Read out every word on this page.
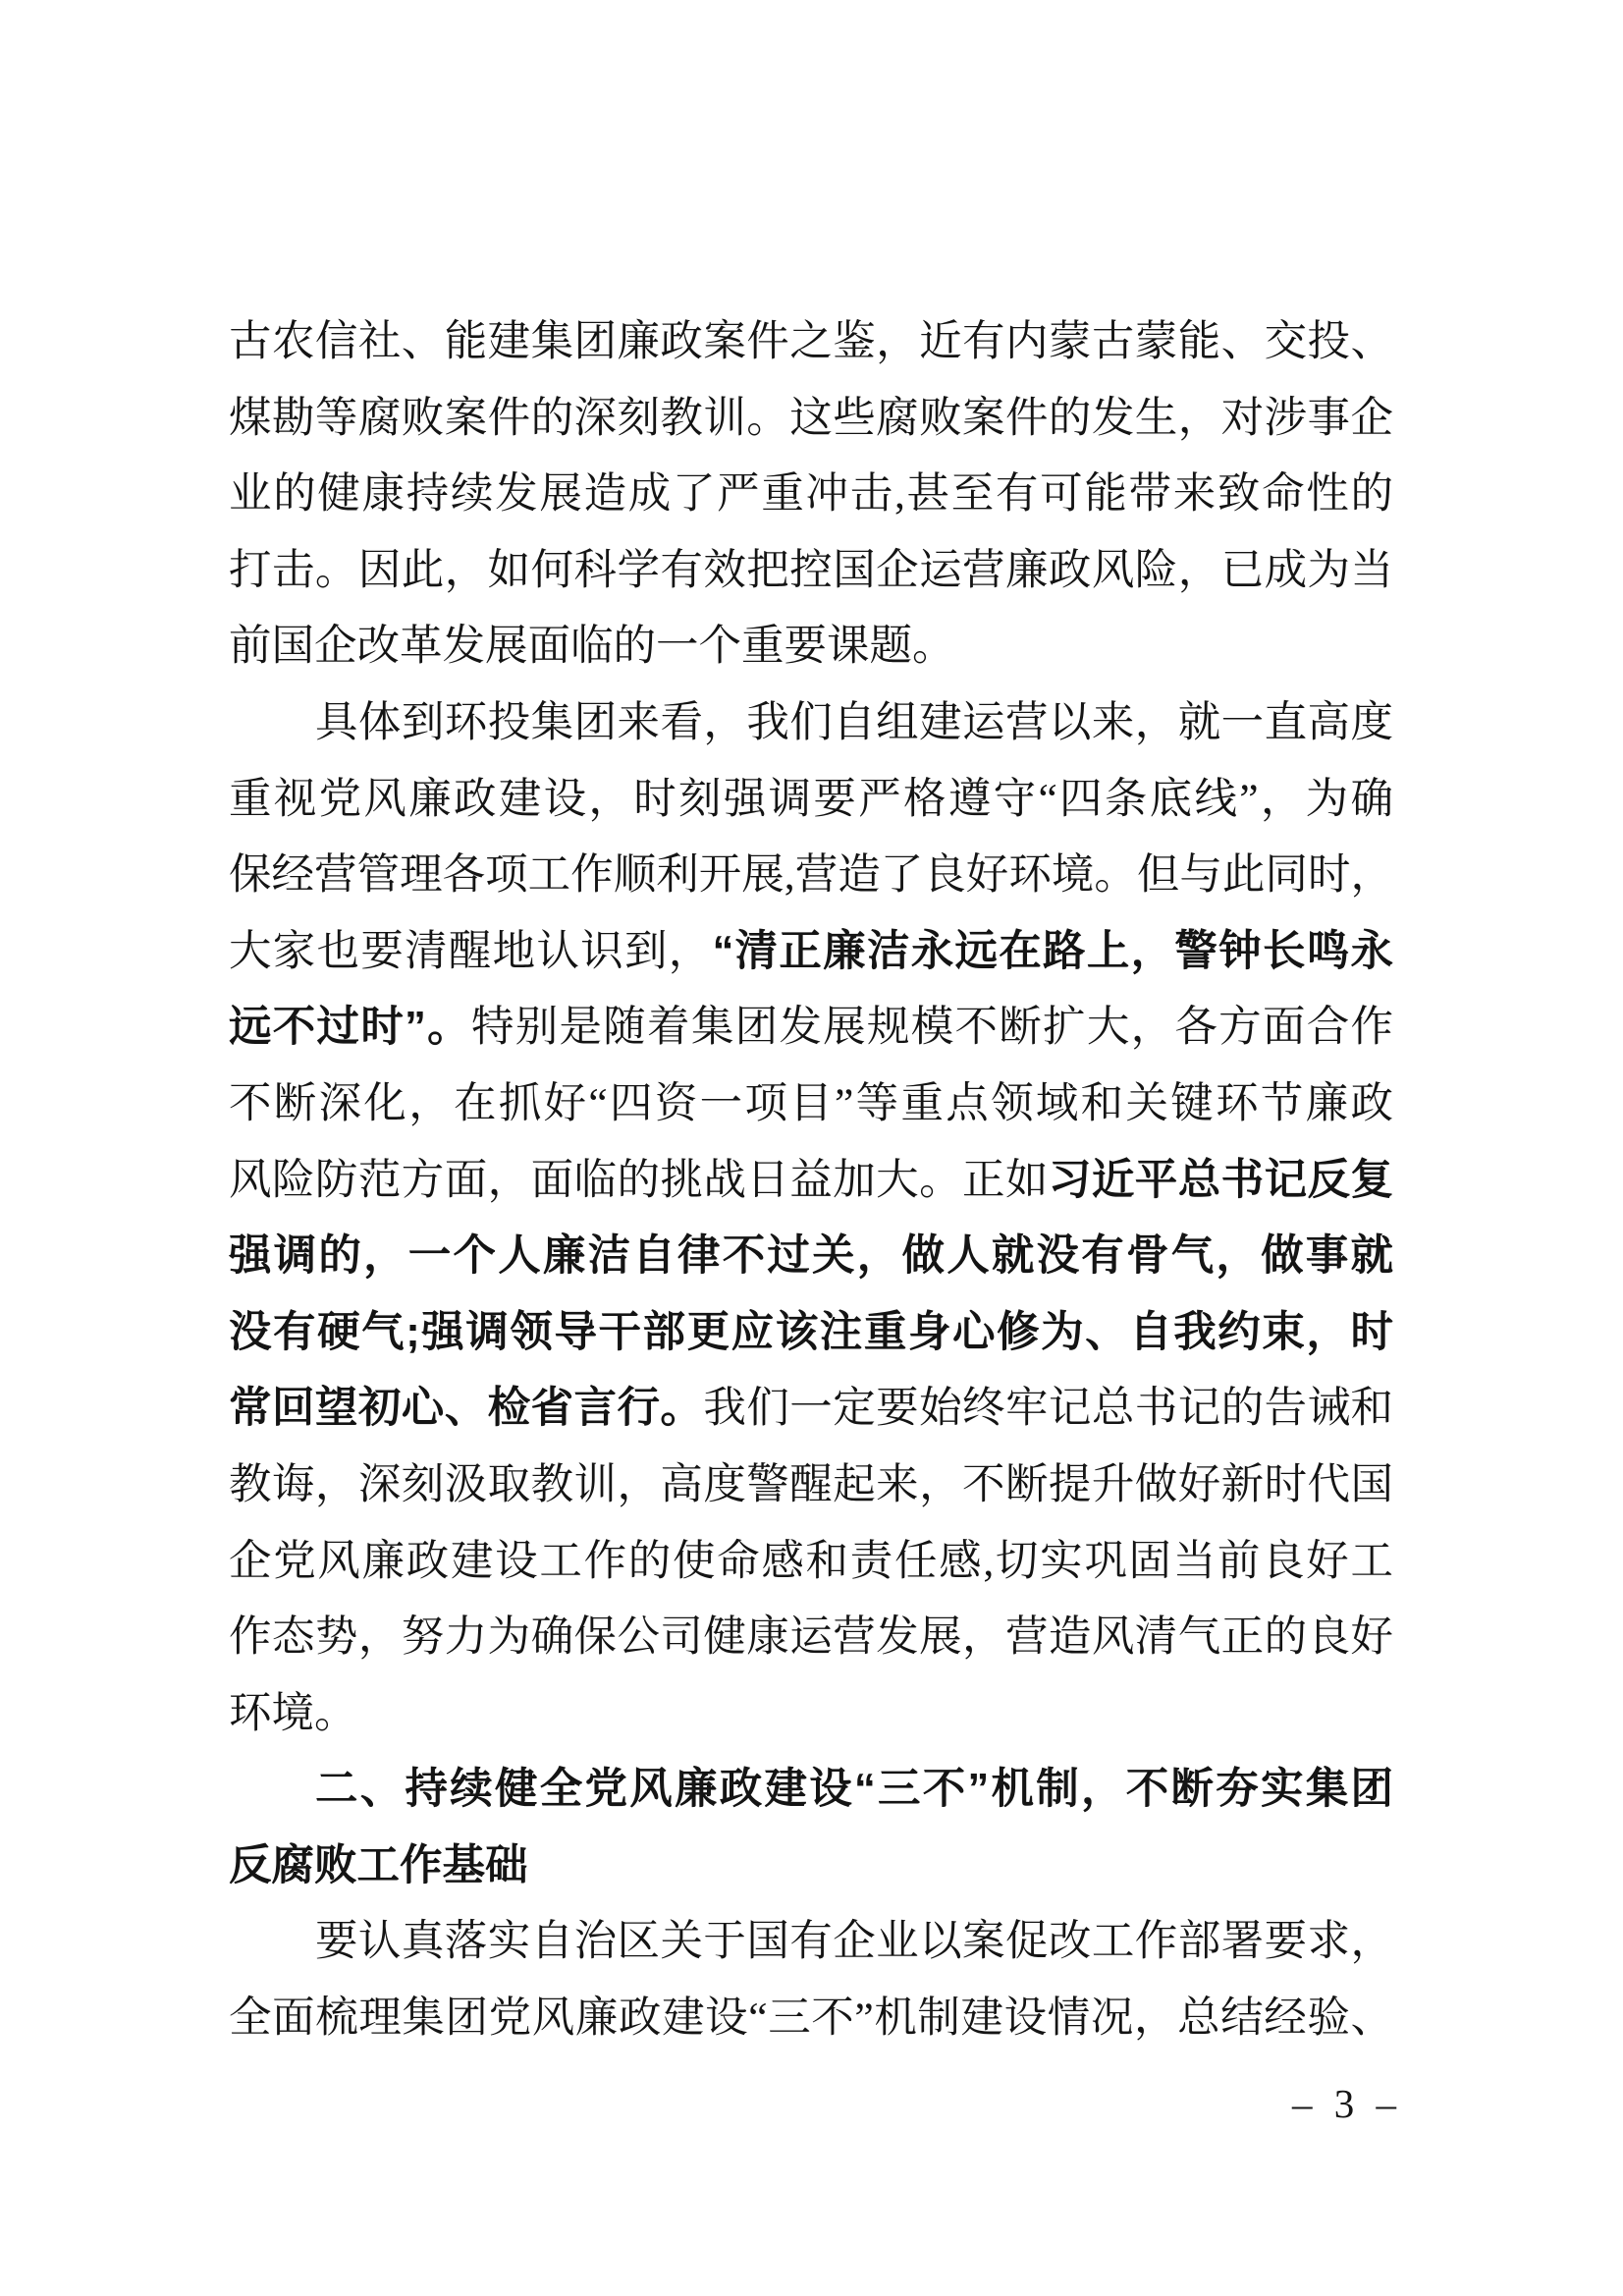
古农信社、能建集团廉政案件之鉴，近有内蒙古蒙能、交投、
煤勘等腐败案件的深刻教训。这些腐败案件的发生，对涉事企
业的健康持续发展造成了严重冲击,甚至有可能带来致命性的
打击。因此，如何科学有效把控国企运营廉政风险，已成为当
前国企改革发展面临的一个重要课题。
具体到环投集团来看，我们自组建运营以来，就一直高度
重视党风廉政建设，时刻强调要严格遵守“四条底线”，为确
保经营管理各项工作顺利开展,营造了良好环境。但与此同时，
大家也要清醒地认识到，“清正廉洁永远在路上，警钟长鸣永
远不过时”。特别是随着集团发展规模不断扩大，各方面合作
不断深化，在抓好“四资一项目”等重点领域和关键环节廉政
风险防范方面，面临的挑战日益加大。正如习近平总书记反复
强调的，一个人廉洁自律不过关，做人就没有骨气，做事就
没有硬气;强调领导干部更应该注重身心修为、自我约束，时
常回望初心、检省言行。我们一定要始终牢记总书记的告诫和
教诲，深刻汲取教训，高度警醒起来，不断提升做好新时代国
企党风廉政建设工作的使命感和责任感,切实巩固当前良好工
作态势，努力为确保公司健康运营发展，营造风清气正的良好
环境。
二、持续健全党风廉政建设“三不”机制，不断夯实集团
反腐败工作基础
要认真落实自治区关于国有企业以案促改工作部署要求，
全面梳理集团党风廉政建设“三不”机制建设情况，总结经验、
– 3 –
